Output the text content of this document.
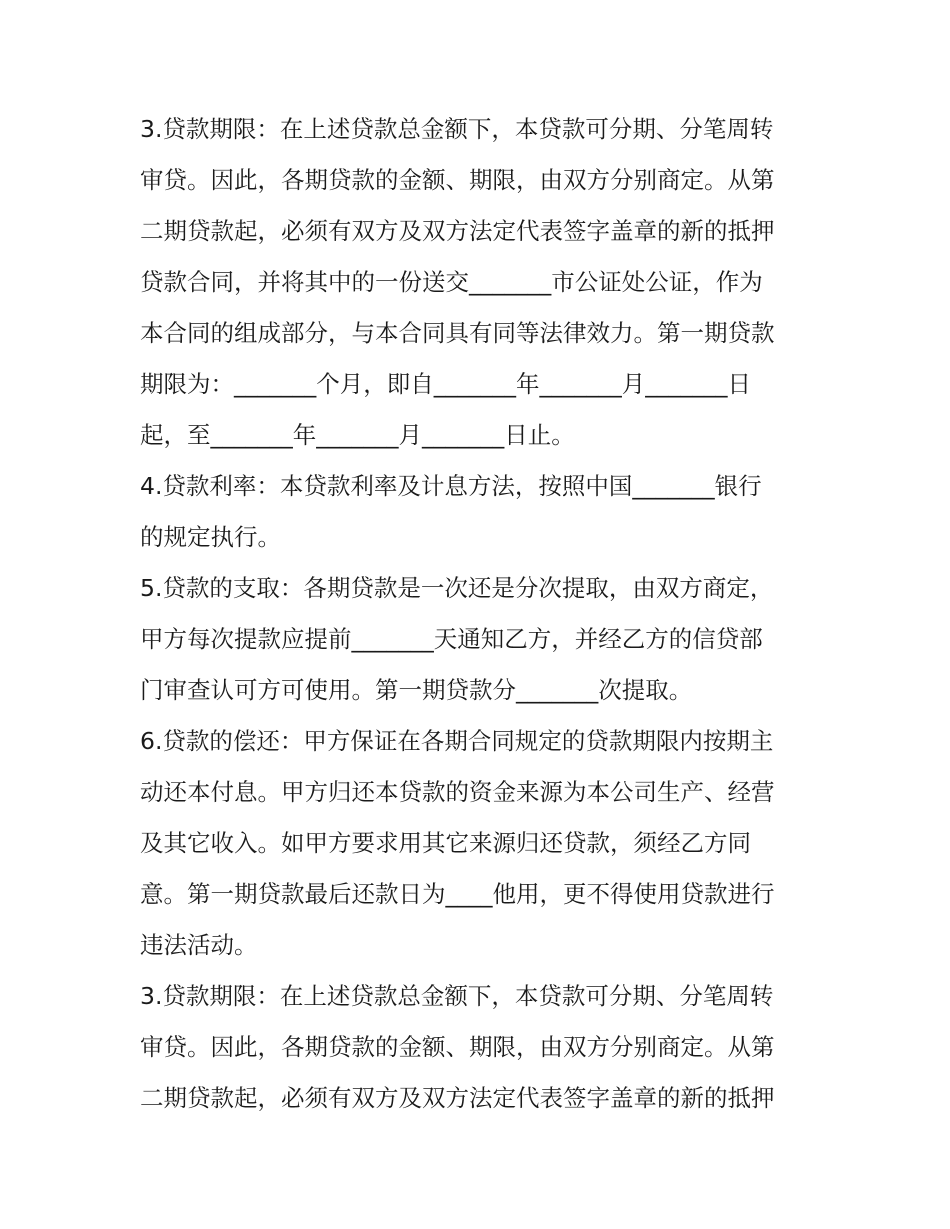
3.贷款期限：在上述贷款总金额下，本贷款可分期、分笔周转
审贷。因此，各期贷款的金额、期限，由双方分别商定。从第
二期贷款起，必须有双方及双方法定代表签字盖章的新的抵押
贷款合同，并将其中的一份送交_______市公证处公证，作为
本合同的组成部分，与本合同具有同等法律效力。第一期贷款
期限为：_______个月，即自_______年_______月_______日
起，至_______年_______月_______日止。
4.贷款利率：本贷款利率及计息方法，按照中国_______银行
的规定执行。
5.贷款的支取：各期贷款是一次还是分次提取，由双方商定，
甲方每次提款应提前_______天通知乙方，并经乙方的信贷部
门审查认可方可使用。第一期贷款分_______次提取。
6.贷款的偿还：甲方保证在各期合同规定的贷款期限内按期主
动还本付息。甲方归还本贷款的资金来源为本公司生产、经营
及其它收入。如甲方要求用其它来源归还贷款，须经乙方同
意。第一期贷款最后还款日为____他用，更不得使用贷款进行
违法活动。
3.贷款期限：在上述贷款总金额下，本贷款可分期、分笔周转
审贷。因此，各期贷款的金额、期限，由双方分别商定。从第
二期贷款起，必须有双方及双方法定代表签字盖章的新的抵押
